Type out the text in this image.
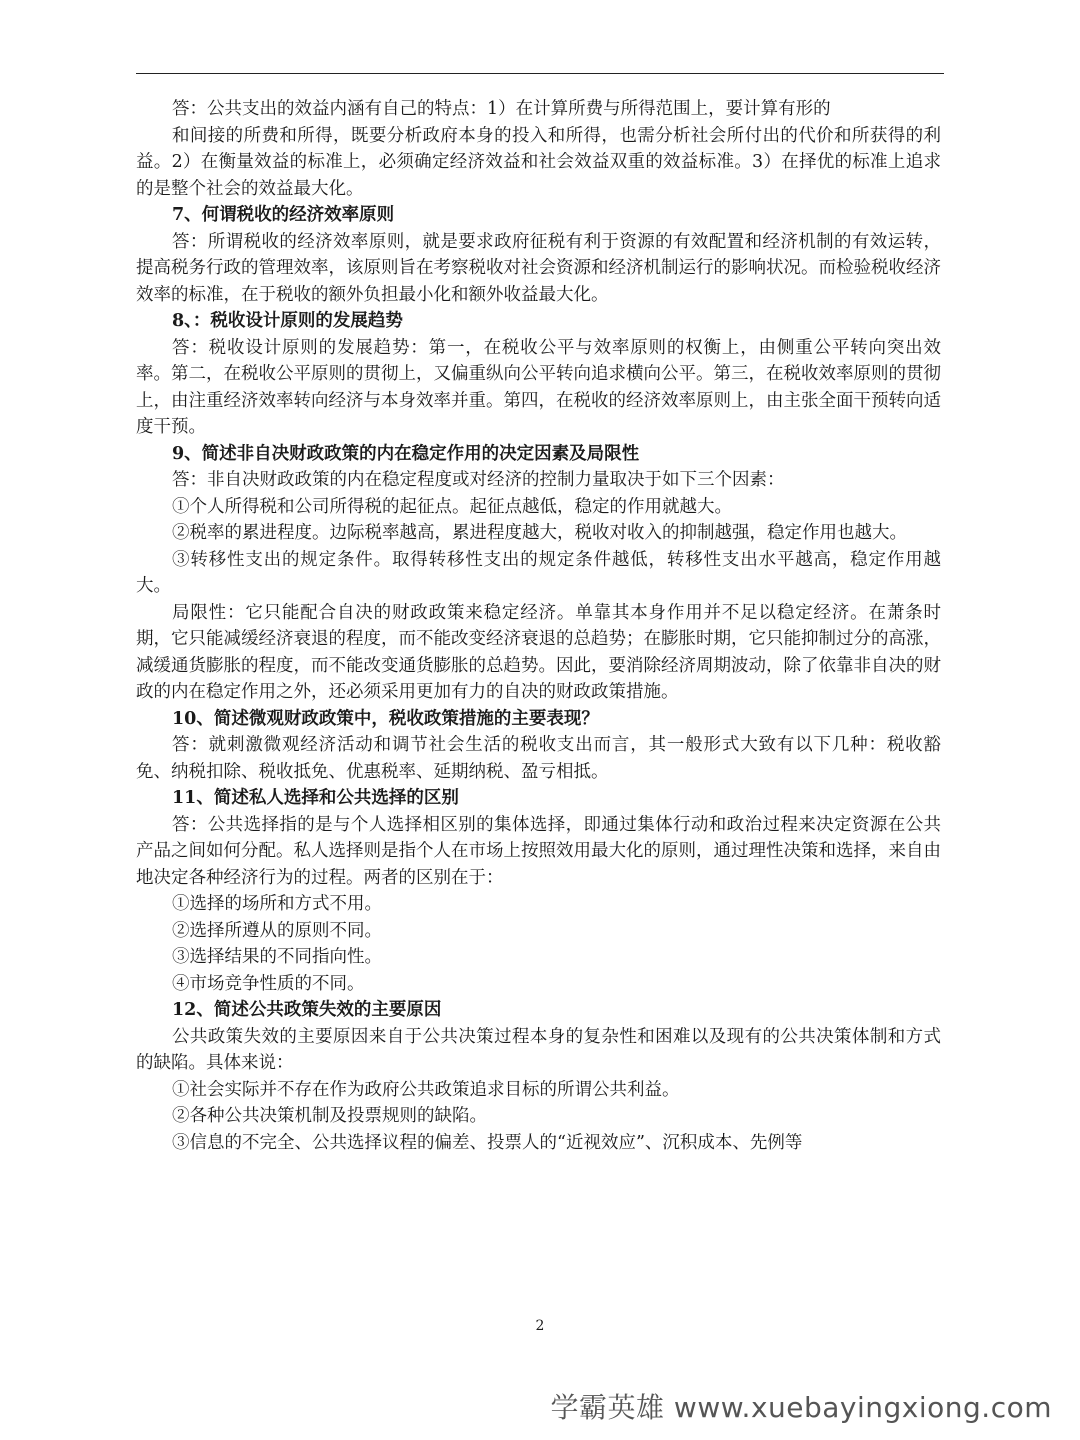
答：公共支出的效益内涵有自己的特点：1）在计算所费与所得范围上，要计算有形的

和间接的所费和所得，既要分析政府本身的投入和所得，也需分析社会所付出的代价和所获得的利益。2）在衡量效益的标准上，必须确定经济效益和社会效益双重的效益标准。3）在择优的标准上追求的是整个社会的效益最大化。

7、何谓税收的经济效率原则

答：所谓税收的经济效率原则，就是要求政府征税有利于资源的有效配置和经济机制的有效运转，提高税务行政的管理效率，该原则旨在考察税收对社会资源和经济机制运行的影响状况。而检验税收经济效率的标准，在于税收的额外负担最小化和额外收益最大化。

8、：税收设计原则的发展趋势

答：税收设计原则的发展趋势：第一，在税收公平与效率原则的权衡上，由侧重公平转向突出效率。第二，在税收公平原则的贯彻上，又偏重纵向公平转向追求横向公平。第三，在税收效率原则的贯彻上，由注重经济效率转向经济与本身效率并重。第四，在税收的经济效率原则上，由主张全面干预转向适度干预。

9、简述非自决财政政策的内在稳定作用的决定因素及局限性

答：非自决财政政策的内在稳定程度或对经济的控制力量取决于如下三个因素：

①个人所得税和公司所得税的起征点。起征点越低，稳定的作用就越大。

②税率的累进程度。边际税率越高，累进程度越大，税收对收入的抑制越强，稳定作用也越大。

③转移性支出的规定条件。取得转移性支出的规定条件越低，转移性支出水平越高，稳定作用越大。

局限性：它只能配合自决的财政政策来稳定经济。单靠其本身作用并不足以稳定经济。在萧条时期，它只能减缓经济衰退的程度，而不能改变经济衰退的总趋势；在膨胀时期，它只能抑制过分的高涨，减缓通货膨胀的程度，而不能改变通货膨胀的总趋势。因此，要消除经济周期波动，除了依靠非自决的财政的内在稳定作用之外，还必须采用更加有力的自决的财政政策措施。

10、简述微观财政政策中，税收政策措施的主要表现？

答：就刺激微观经济活动和调节社会生活的税收支出而言，其一般形式大致有以下几种：税收豁免、纳税扣除、税收抵免、优惠税率、延期纳税、盈亏相抵。

11、简述私人选择和公共选择的区别

答：公共选择指的是与个人选择相区别的集体选择，即通过集体行动和政治过程来决定资源在公共产品之间如何分配。私人选择则是指个人在市场上按照效用最大化的原则，通过理性决策和选择，来自由地决定各种经济行为的过程。两者的区别在于：

①选择的场所和方式不用。

②选择所遵从的原则不同。

③选择结果的不同指向性。

④市场竞争性质的不同。

12、简述公共政策失效的主要原因

公共政策失效的主要原因来自于公共决策过程本身的复杂性和困难以及现有的公共决策体制和方式的缺陷。具体来说：

①社会实际并不存在作为政府公共政策追求目标的所谓公共利益。

②各种公共决策机制及投票规则的缺陷。

③信息的不完全、公共选择议程的偏差、投票人的“近视效应”、沉积成本、先例等

2
学霸英雄 www.xuebayingxiong.com
